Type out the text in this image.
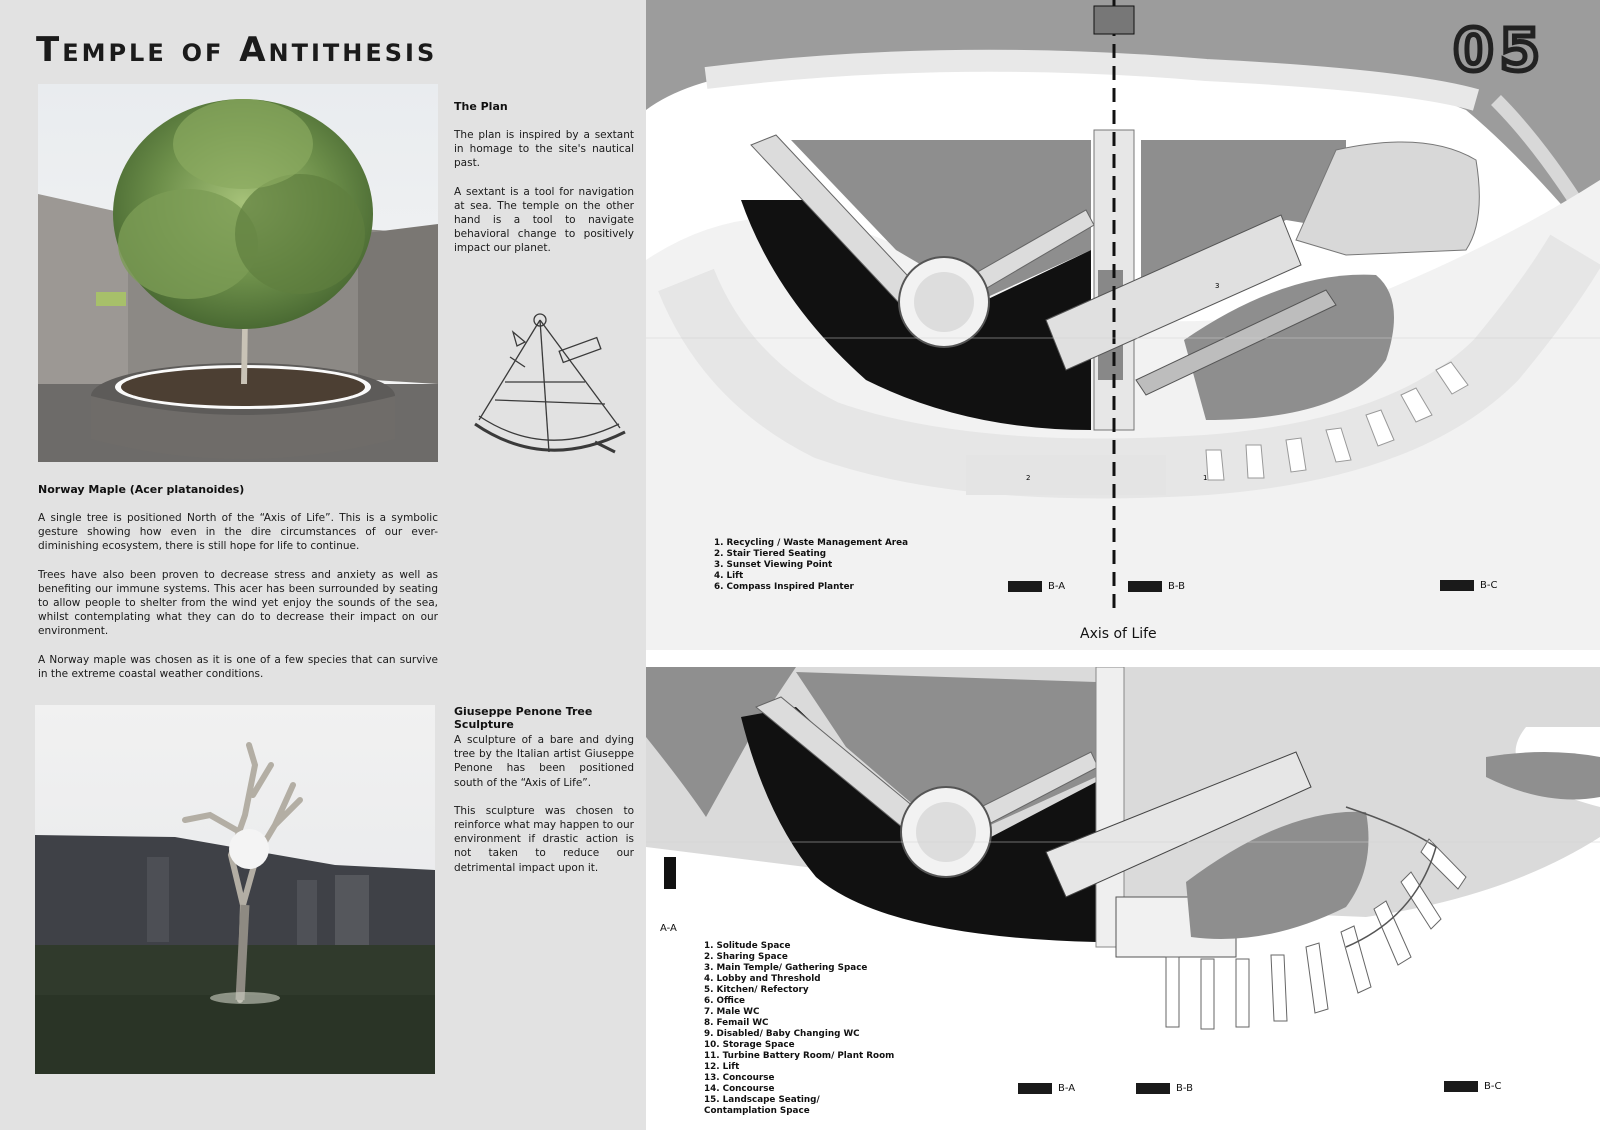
Temple of Antithesis
The Plan
The plan is inspired by a sextant in homage to the site's nautical past.
A sextant is a tool for navigation at sea. The temple on the other hand is a tool to navigate behavioral change to positively impact our planet.
Norway Maple (Acer platanoides)
A single tree is positioned North of the “Axis of Life”. This is a symbolic gesture showing how even in the dire circumstances of our ever-diminishing ecosystem, there is still hope for life to continue.
Trees have also been proven to decrease stress and anxiety as well as benefiting our immune systems. This acer has been surrounded by seating to allow people to shelter from the wind yet enjoy the sounds of the sea, whilst contemplating what they can do to decrease their impact on our environment.
A Norway maple was chosen as it is one of a few species that can survive in the extreme coastal weather conditions.
Giuseppe Penone Tree Sculpture
A sculpture of a bare and dying tree by the Italian artist Giuseppe Penone has been positioned south of the “Axis of Life”.
This sculpture was chosen to reinforce what may happen to our environment if drastic action is not taken to reduce our detrimental impact upon it.
1
2
3
05
1. Recycling / Waste Management Area
2. Stair Tiered Seating
3. Sunset Viewing Point
4. Lift
6. Compass Inspired Planter	B-A	B-B	B-C
Axis of Life
A-A
1. Solitude Space
2. Sharing Space
3. Main Temple/ Gathering Space
4. Lobby and Threshold
5. Kitchen/ Refectory
6. Office
7. Male WC
8. Femail WC
9. Disabled/ Baby Changing WC
10. Storage Space
11. Turbine Battery Room/ Plant Room
12. Lift
13. Concourse
14. Concourse
15. Landscape Seating/ Contamplation Space
B-A	B-B	B-C
